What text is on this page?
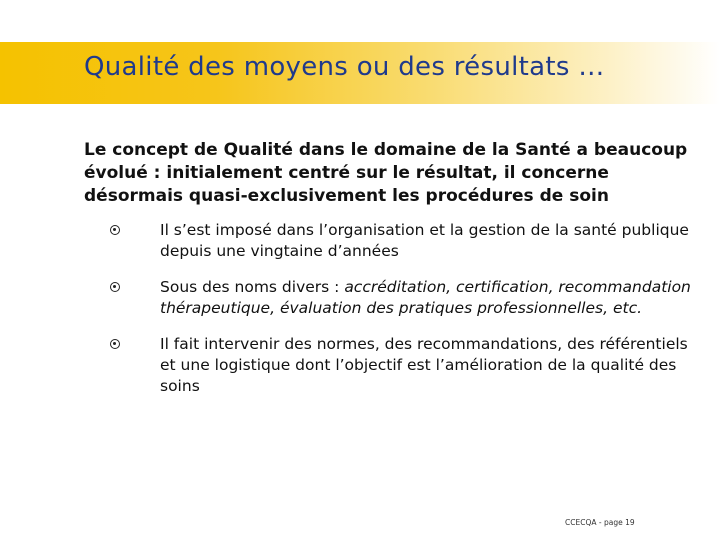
Qualité des moyens ou des résultats …
Le concept de Qualité dans le domaine de la Santé a beaucoup évolué : initialement centré sur le résultat, il concerne désormais quasi-exclusivement les procédures de soin
Il s’est imposé dans l’organisation et la gestion de la santé publique depuis une vingtaine d’années
Sous des noms divers : accréditation, certification, recommandation thérapeutique, évaluation des pratiques professionnelles, etc.
Il fait intervenir des normes, des recommandations, des référentiels et une logistique dont l’objectif est l’amélioration de la qualité des soins
CCECQA - page 19
